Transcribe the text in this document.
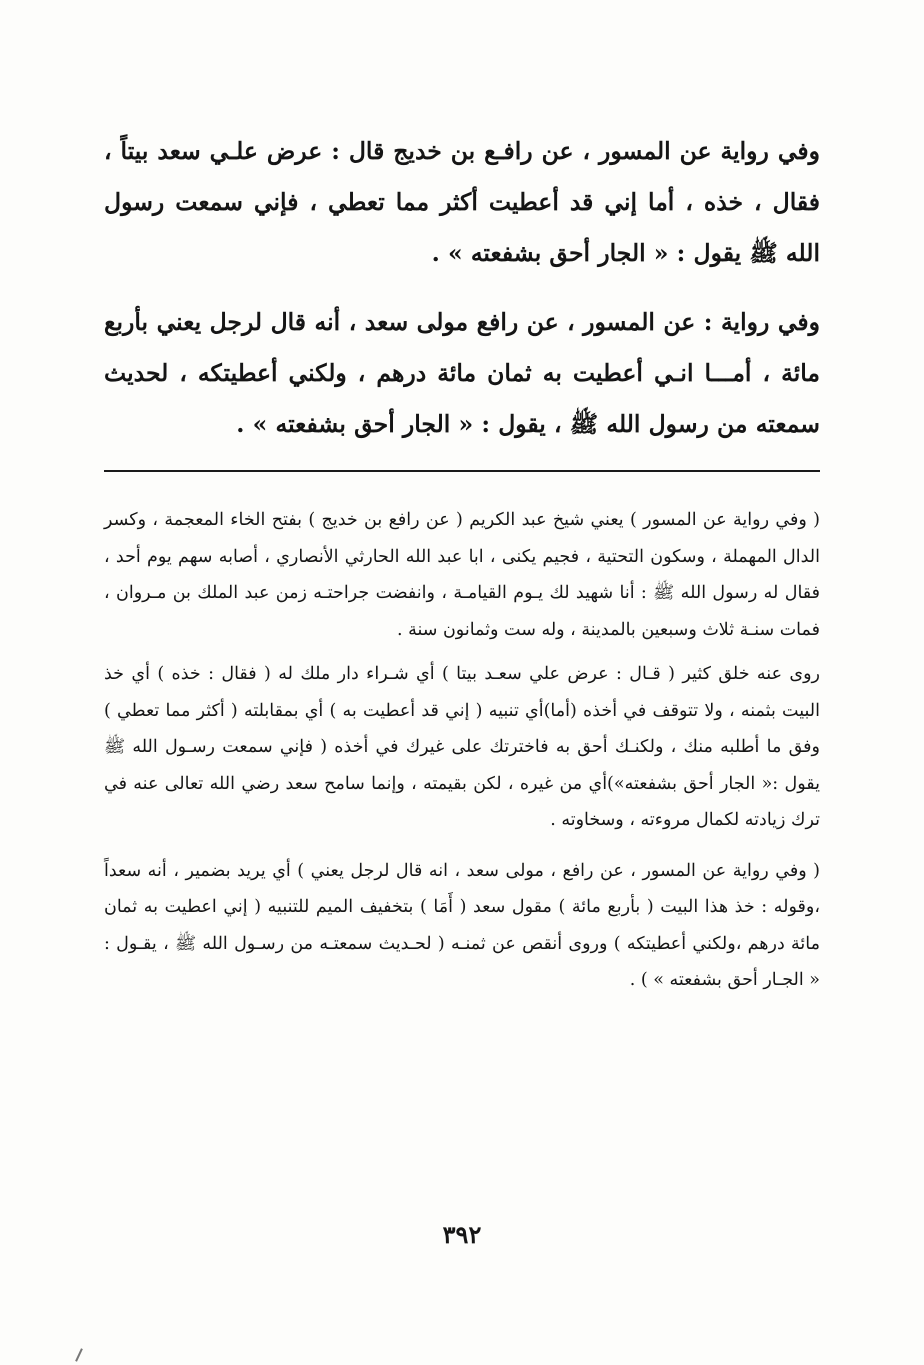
وفي رواية عن المسور ، عن رافـع بن خديج قال : عرض علـي سعد بيتاً ، فقال ، خذه ، أما إني قد أعطيت أكثر مما تعطي ، فإني سمعت رسول الله ﷺ يقول : « الجار أحق بشفعته » .

وفي رواية : عن المسور ، عن رافع مولى سعد ، أنه قال لرجل يعني بأربع مائة ، أمـــا انـي أعطيت به ثمان مائة درهم ، ولكني أعطيتكه ، لحديث سمعته من رسول الله ﷺ ، يقول : « الجار أحق بشفعته » .

( وفي رواية عن المسور ) يعني شيخ عبد الكريم ( عن رافع بن خديج ) بفتح الخاء المعجمة ، وكسر الدال المهملة ، وسكون التحتية ، فجيم يكنى ، ابا عبد الله الحارثي الأنصاري ، أصابه سهم يوم أحد ، فقال له رسول الله ﷺ : أنا شهيد لك يـوم القيامـة ، وانفضت جراحتـه زمن عبد الملك بن مـروان ، فمات سنـة ثلاث وسبعين بالمدينة ، وله ست وثمانون سنة .

روى عنه خلق كثير ( قـال : عرض علي سعـد بيتا ) أي شـراء دار ملك له ( فقال : خذه ) أي خذ البيت بثمنه ، ولا تتوقف في أخذه (أما)أي تنبيه ( إني قد أعطيت به ) أي بمقابلته ( أكثر مما تعطي ) وفق ما أطلبه منك ، ولكنـك أحق به فاخترتك على غيرك في أخذه ( فإني سمعت رسـول الله ﷺ يقول :« الجار أحق بشفعته»)أي من غيره ، لكن بقيمته ، وإنما سامح سعد رضي الله تعالى عنه في ترك زيادته لكمال مروءته ، وسخاوته .

( وفي رواية عن المسور ، عن رافع ، مولى سعد ، انه قال لرجل يعني ) أي يريد بضمير ، أنه سعداً ،وقوله : خذ هذا البيت ( بأربع مائة ) مقول سعد ( أَمَا ) بتخفيف الميم للتنبيه ( إني اعطيت به ثمان مائة درهم ،ولكني أعطيتكه ) وروى أنقص عن ثمنـه ( لحـديث سمعتـه من رسـول الله ﷺ ، يقـول : « الجـار أحق بشفعته » ) .

٣٩٢
